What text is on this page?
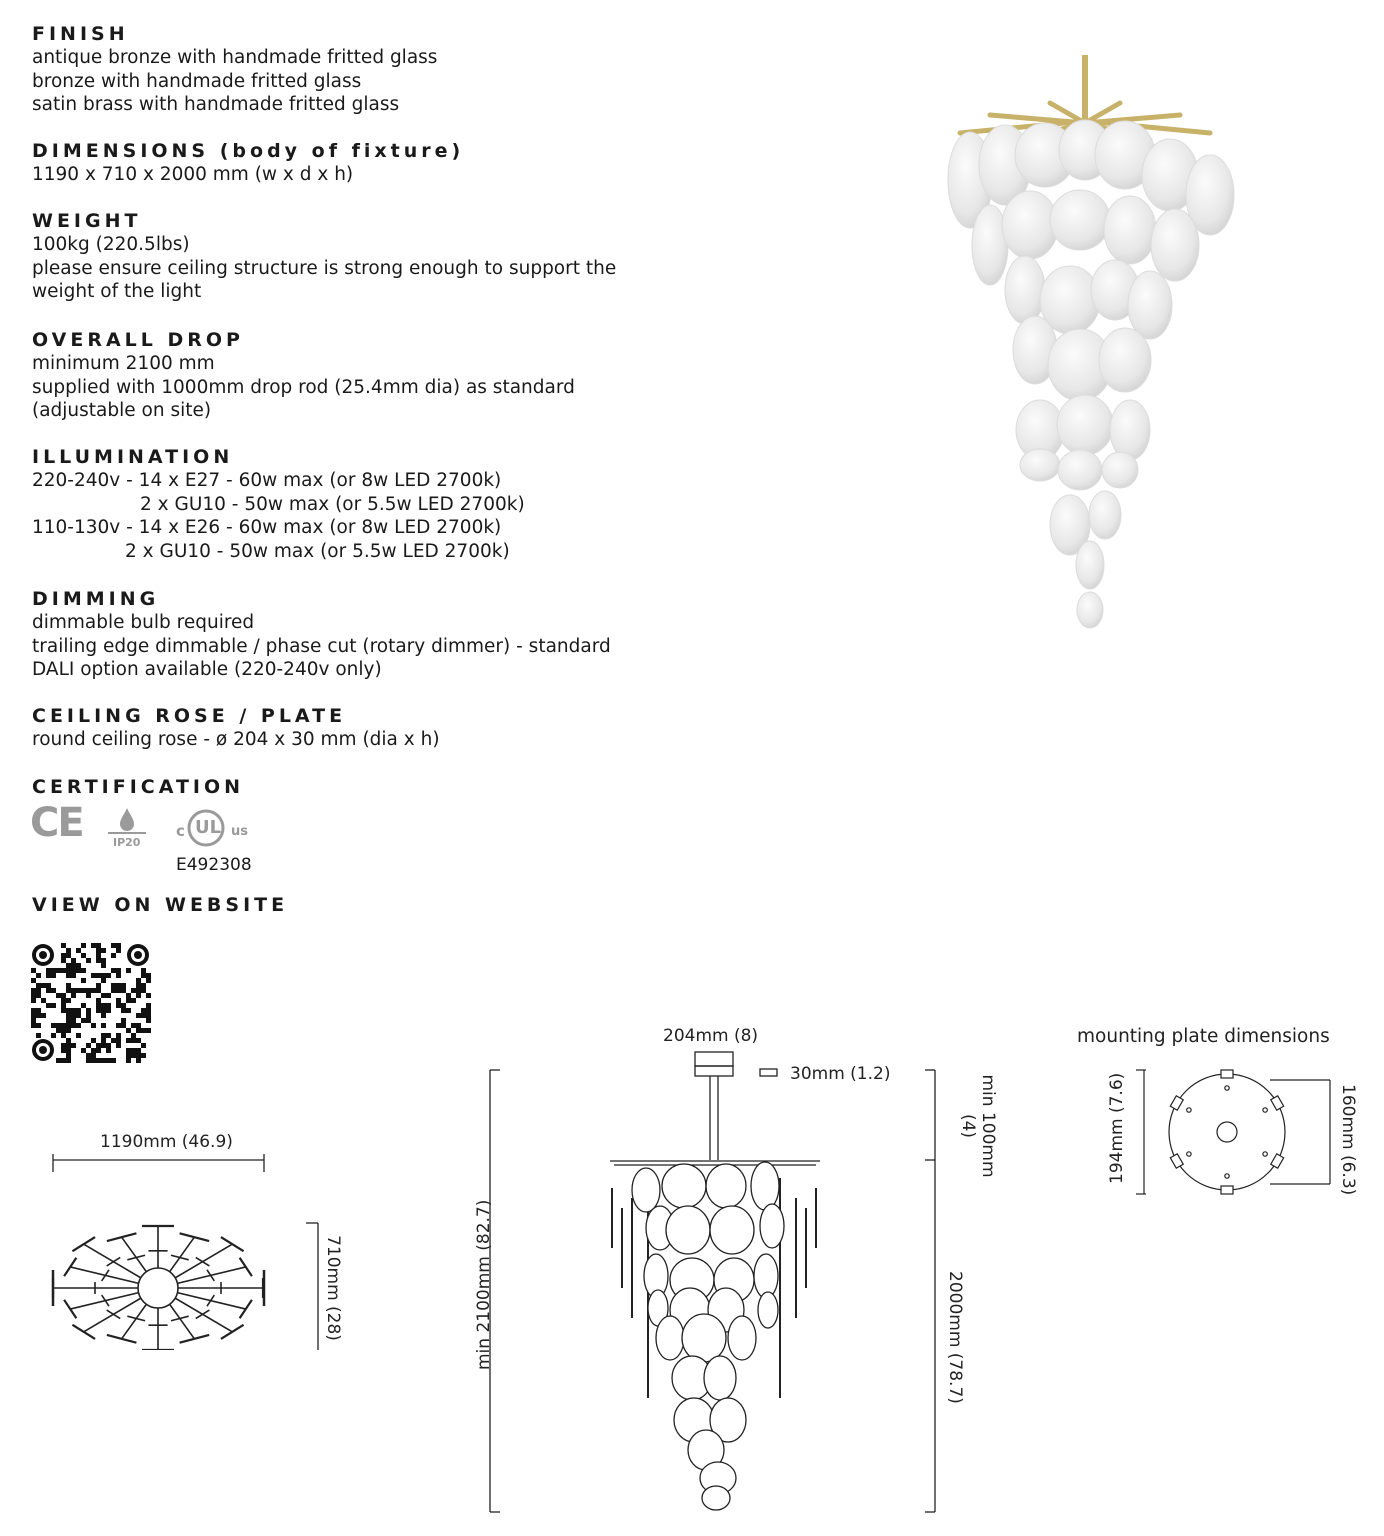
FINISH

antique bronze with handmade fritted glass

bronze with handmade fritted glass

satin brass with handmade fritted glass

DIMENSIONS (body of fixture)

1190 x 710 x 2000 mm (w x d x h)

WEIGHT

100kg (220.5lbs)

please ensure ceiling structure is strong enough to support the

weight of the light

OVERALL DROP

minimum 2100 mm

supplied with 1000mm drop rod (25.4mm dia) as standard

(adjustable on site)

ILLUMINATION

220-240v - 14 x E27 - 60w max (or 8w LED 2700k)

2 x GU10 - 50w max (or 5.5w LED 2700k)

110-130v - 14 x E26 - 60w max (or 8w LED 2700k)

2 x GU10 - 50w max (or 5.5w LED 2700k)

DIMMING

dimmable bulb required

trailing edge dimmable / phase cut (rotary dimmer) - standard

DALI option available (220-240v only)

CEILING ROSE / PLATE

round ceiling rose - ø 204 x 30 mm (dia x h)

CERTIFICATION

CE	IP20
c UL us
E492308

VIEW ON WEBSITE

1190mm (46.9)
710mm (28)
204mm (8)
30mm (1.2)
min 2100mm (82.7)
min 100mm (4)
2000mm (78.7)
mounting plate dimensions
194mm (7.6)	160mm (6.3)
